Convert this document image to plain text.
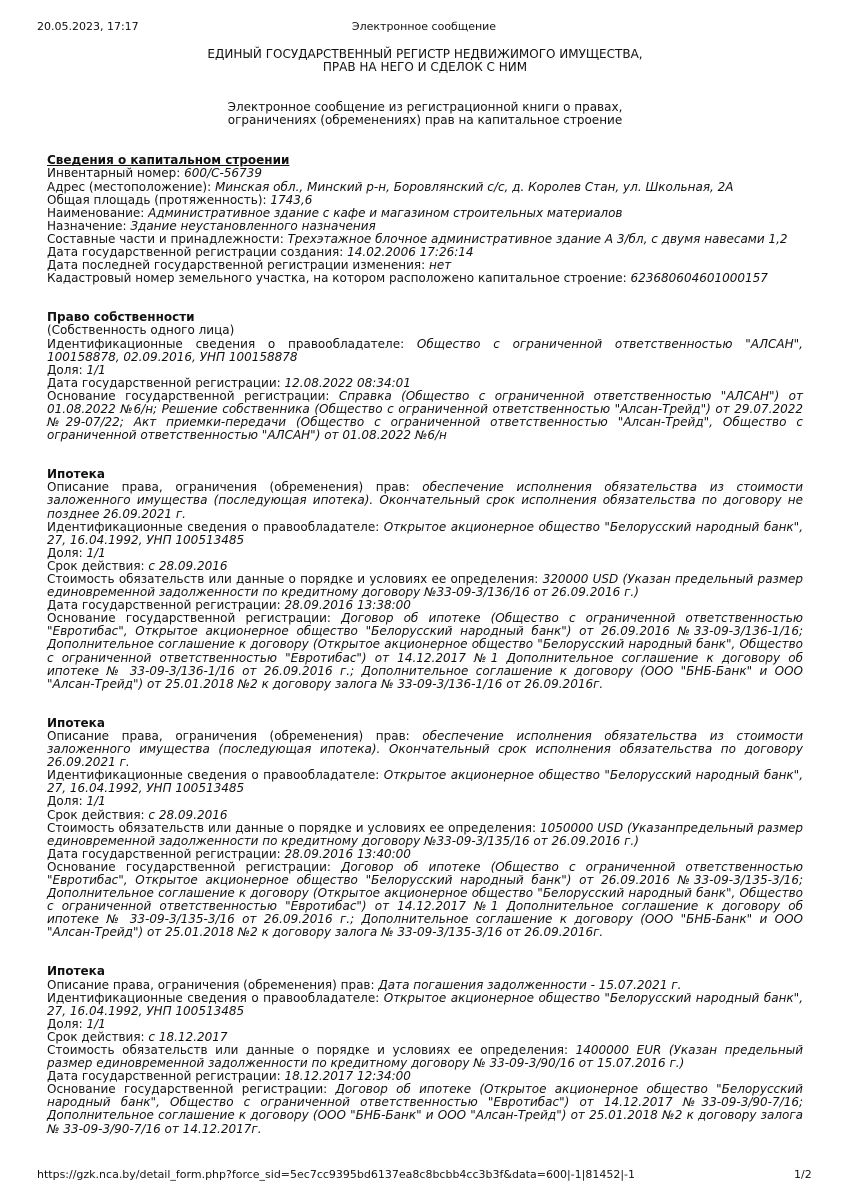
20.05.2023, 17:17	Электронное сообщение
ЕДИНЫЙ ГОСУДАРСТВЕННЫЙ РЕГИСТР НЕДВИЖИМОГО ИМУЩЕСТВА,
ПРАВ НА НЕГО И СДЕЛОК С НИМ
Электронное сообщение из регистрационной книги о правах,
ограничениях (обременениях) прав на капитальное строение
Сведения о капитальном строении
Инвентарный номер: 600/C-56739
Адрес (местоположение): Минская обл., Минский р-н, Боровлянский с/с, д. Королев Стан, ул. Школьная, 2А
Общая площадь (протяженность): 1743,6
Наименование: Административное здание с кафе и магазином строительных материалов
Назначение: Здание неустановленного назначения
Составные части и принадлежности: Трехэтажное блочное административное здание А 3/бл, с двумя навесами 1,2
Дата государственной регистрации создания: 14.02.2006 17:26:14
Дата последней государственной регистрации изменения: нет
Кадастровый номер земельного участка, на котором расположено капитальное строение: 623680604601000157
Право собственности
(Собственность одного лица)
Идентификационные сведения о правообладателе: Общество с ограниченной ответственностью "АЛСАН", 100158878, 02.09.2016, УНП 100158878
Доля: 1/1
Дата государственной регистрации: 12.08.2022 08:34:01
Основание государственной регистрации: Справка (Общество с ограниченной ответственностью "АЛСАН") от 01.08.2022 №6/н; Решение собственника (Общество с ограниченной ответственностью "Алсан-Трейд") от 29.07.2022 №29-07/22; Акт приемки-передачи (Общество с ограниченной ответственностью "Алсан-Трейд", Общество с ограниченной ответственностью "АЛСАН") от 01.08.2022 №6/н
Ипотека
Описание права, ограничения (обременения) прав: обеспечение исполнения обязательства из стоимости заложенного имущества (последующая ипотека). Окончательный срок исполнения обязательства по договору не позднее 26.09.2021 г.
Идентификационные сведения о правообладателе: Открытое акционерное общество "Белорусский народный банк", 27, 16.04.1992, УНП 100513485
Доля: 1/1
Срок действия: с 28.09.2016
Стоимость обязательств или данные о порядке и условиях ее определения: 320000 USD (Указан предельный размер единовременной задолженности по кредитному договору №33-09-3/136/16 от 26.09.2016 г.)
Дата государственной регистрации: 28.09.2016 13:38:00
Основание государственной регистрации: Договор об ипотеке (Общество с ограниченной ответственностью "Евротибас", Открытое акционерное общество "Белорусский народный банк") от 26.09.2016 №33-09-3/136-1/16; Дополнительное соглашение к договору (Открытое акционерное общество "Белорусский народный банк", Общество с ограниченной ответственностью "Евротибас") от 14.12.2017 №1 Дополнительное соглашение к договору об ипотеке № 33-09-3/136-1/16 от 26.09.2016 г.; Дополнительное соглашение к договору (ООО "БНБ-Банк" и ООО "Алсан-Трейд") от 25.01.2018 №2 к договору залога № 33-09-3/136-1/16 от 26.09.2016г.
Ипотека
Описание права, ограничения (обременения) прав: обеспечение исполнения обязательства из стоимости заложенного имущества (последующая ипотека). Окончательный срок исполнения обязательства по договору 26.09.2021 г.
Идентификационные сведения о правообладателе: Открытое акционерное общество "Белорусский народный банк", 27, 16.04.1992, УНП 100513485
Доля: 1/1
Срок действия: с 28.09.2016
Стоимость обязательств или данные о порядке и условиях ее определения: 1050000 USD (Указанпредельный размер единовременной задолженности по кредитному договору №33-09-3/135/16 от 26.09.2016 г.)
Дата государственной регистрации: 28.09.2016 13:40:00
Основание государственной регистрации: Договор об ипотеке (Общество с ограниченной ответственностью "Евротибас", Открытое акционерное общество "Белорусский народный банк") от 26.09.2016 №33-09-3/135-3/16; Дополнительное соглашение к договору (Открытое акционерное общество "Белорусский народный банк", Общество с ограниченной ответственностью "Евротибас") от 14.12.2017 №1 Дополнительное соглашение к договору об ипотеке № 33-09-3/135-3/16 от 26.09.2016 г.; Дополнительное соглашение к договору (ООО "БНБ-Банк" и ООО "Алсан-Трейд") от 25.01.2018 №2 к договору залога № 33-09-3/135-3/16 от 26.09.2016г.
Ипотека
Описание права, ограничения (обременения) прав: Дата погашения задолженности - 15.07.2021 г.
Идентификационные сведения о правообладателе: Открытое акционерное общество "Белорусский народный банк", 27, 16.04.1992, УНП 100513485
Доля: 1/1
Срок действия: с 18.12.2017
Стоимость обязательств или данные о порядке и условиях ее определения: 1400000 EUR (Указан предельный размер единовременной задолженности по кредитному договору № 33-09-3/90/16 от 15.07.2016 г.)
Дата государственной регистрации: 18.12.2017 12:34:00
Основание государственной регистрации: Договор об ипотеке (Открытое акционерное общество "Белорусский народный банк", Общество с ограниченной ответственностью "Евротибас") от 14.12.2017 №33-09-3/90-7/16; Дополнительное соглашение к договору (ООО "БНБ-Банк" и ООО "Алсан-Трейд") от 25.01.2018 №2 к договору залога № 33-09-3/90-7/16 от 14.12.2017г.
https://gzk.nca.by/detail_form.php?force_sid=5ec7cc9395bd6137ea8c8bcbb4cc3b3f&data=600|-1|81452|-1	1/2
